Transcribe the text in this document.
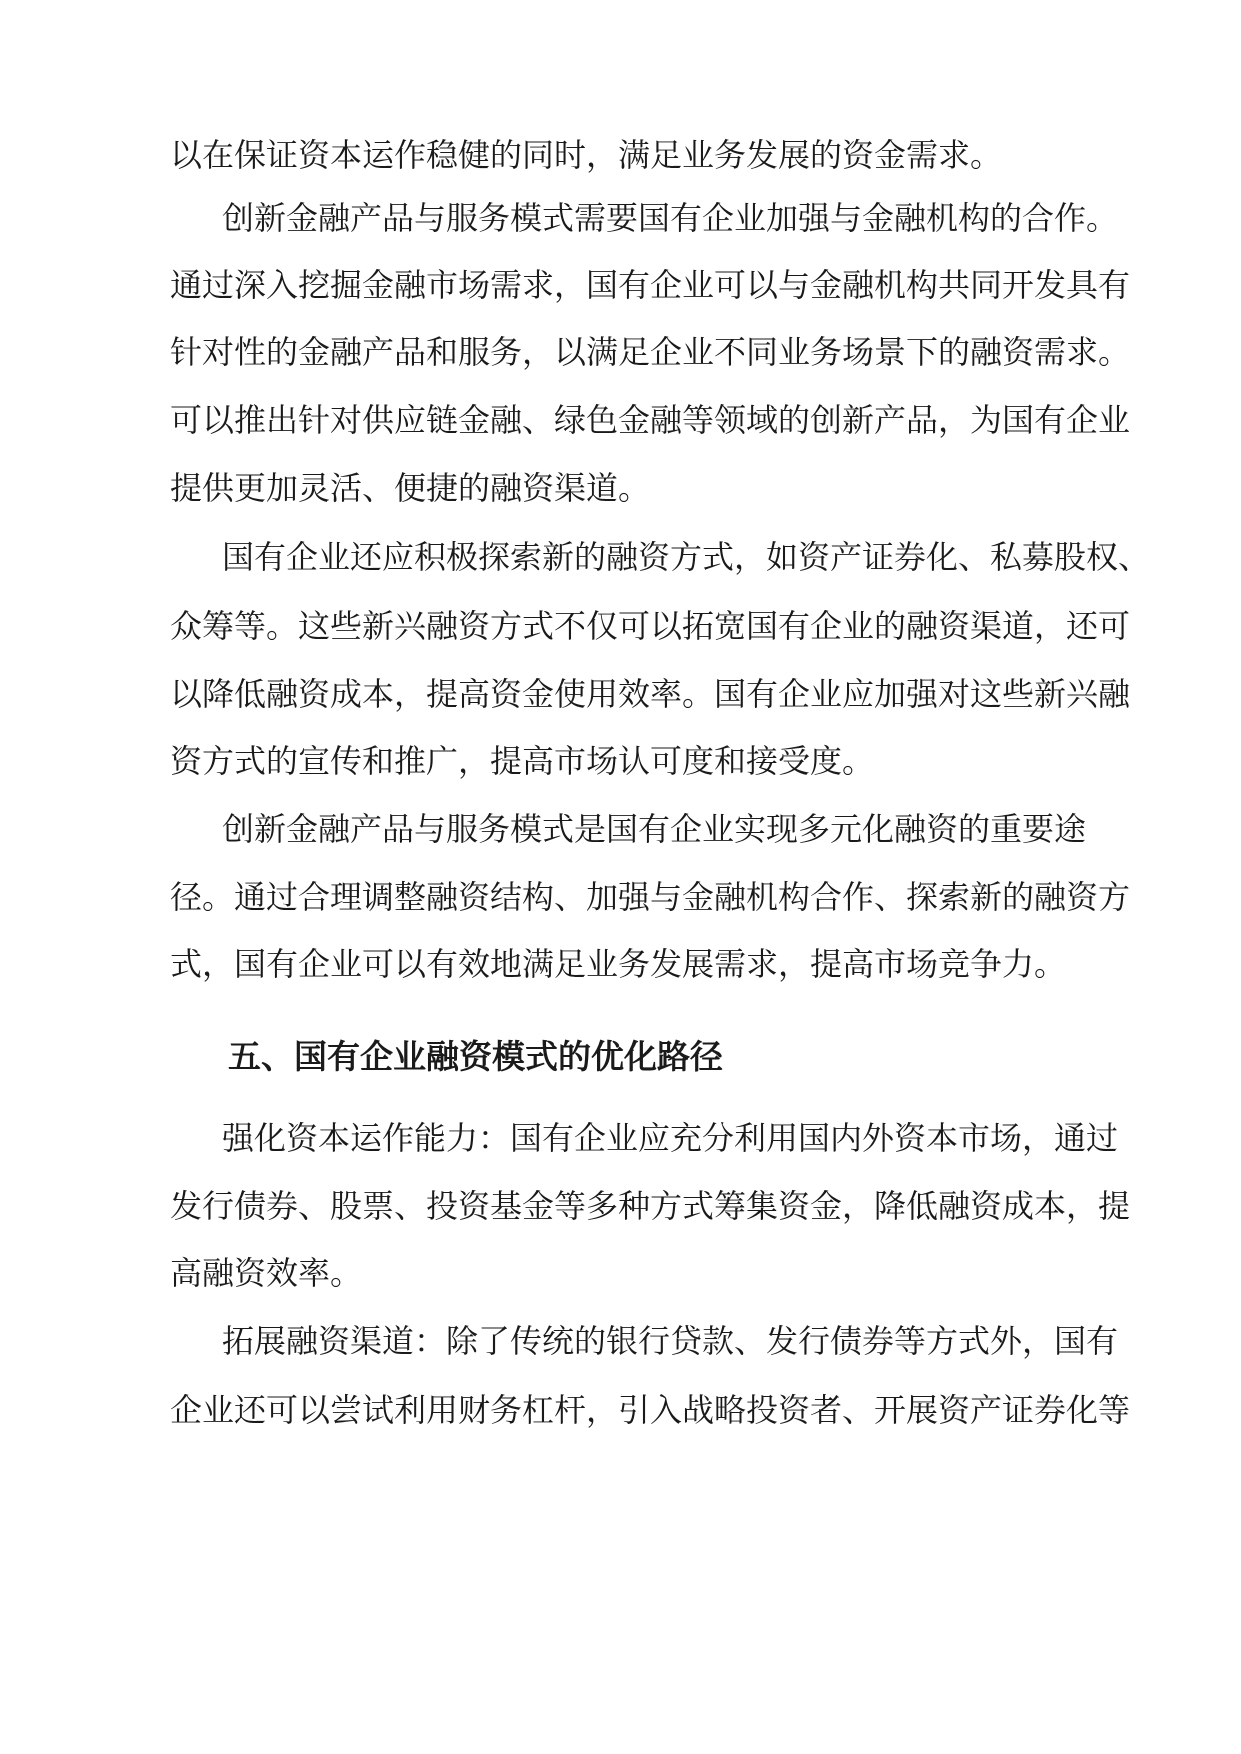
以在保证资本运作稳健的同时，满足业务发展的资金需求。
创新金融产品与服务模式需要国有企业加强与金融机构的合作。
通过深入挖掘金融市场需求，国有企业可以与金融机构共同开发具有
针对性的金融产品和服务，以满足企业不同业务场景下的融资需求。
可以推出针对供应链金融、绿色金融等领域的创新产品，为国有企业
提供更加灵活、便捷的融资渠道。
国有企业还应积极探索新的融资方式，如资产证券化、私募股权、
众筹等。这些新兴融资方式不仅可以拓宽国有企业的融资渠道，还可
以降低融资成本，提高资金使用效率。国有企业应加强对这些新兴融
资方式的宣传和推广，提高市场认可度和接受度。
创新金融产品与服务模式是国有企业实现多元化融资的重要途
径。通过合理调整融资结构、加强与金融机构合作、探索新的融资方
式，国有企业可以有效地满足业务发展需求，提高市场竞争力。
五、国有企业融资模式的优化路径
强化资本运作能力：国有企业应充分利用国内外资本市场，通过
发行债券、股票、投资基金等多种方式筹集资金，降低融资成本，提
高融资效率。
拓展融资渠道：除了传统的银行贷款、发行债券等方式外，国有
企业还可以尝试利用财务杠杆，引入战略投资者、开展资产证券化等
